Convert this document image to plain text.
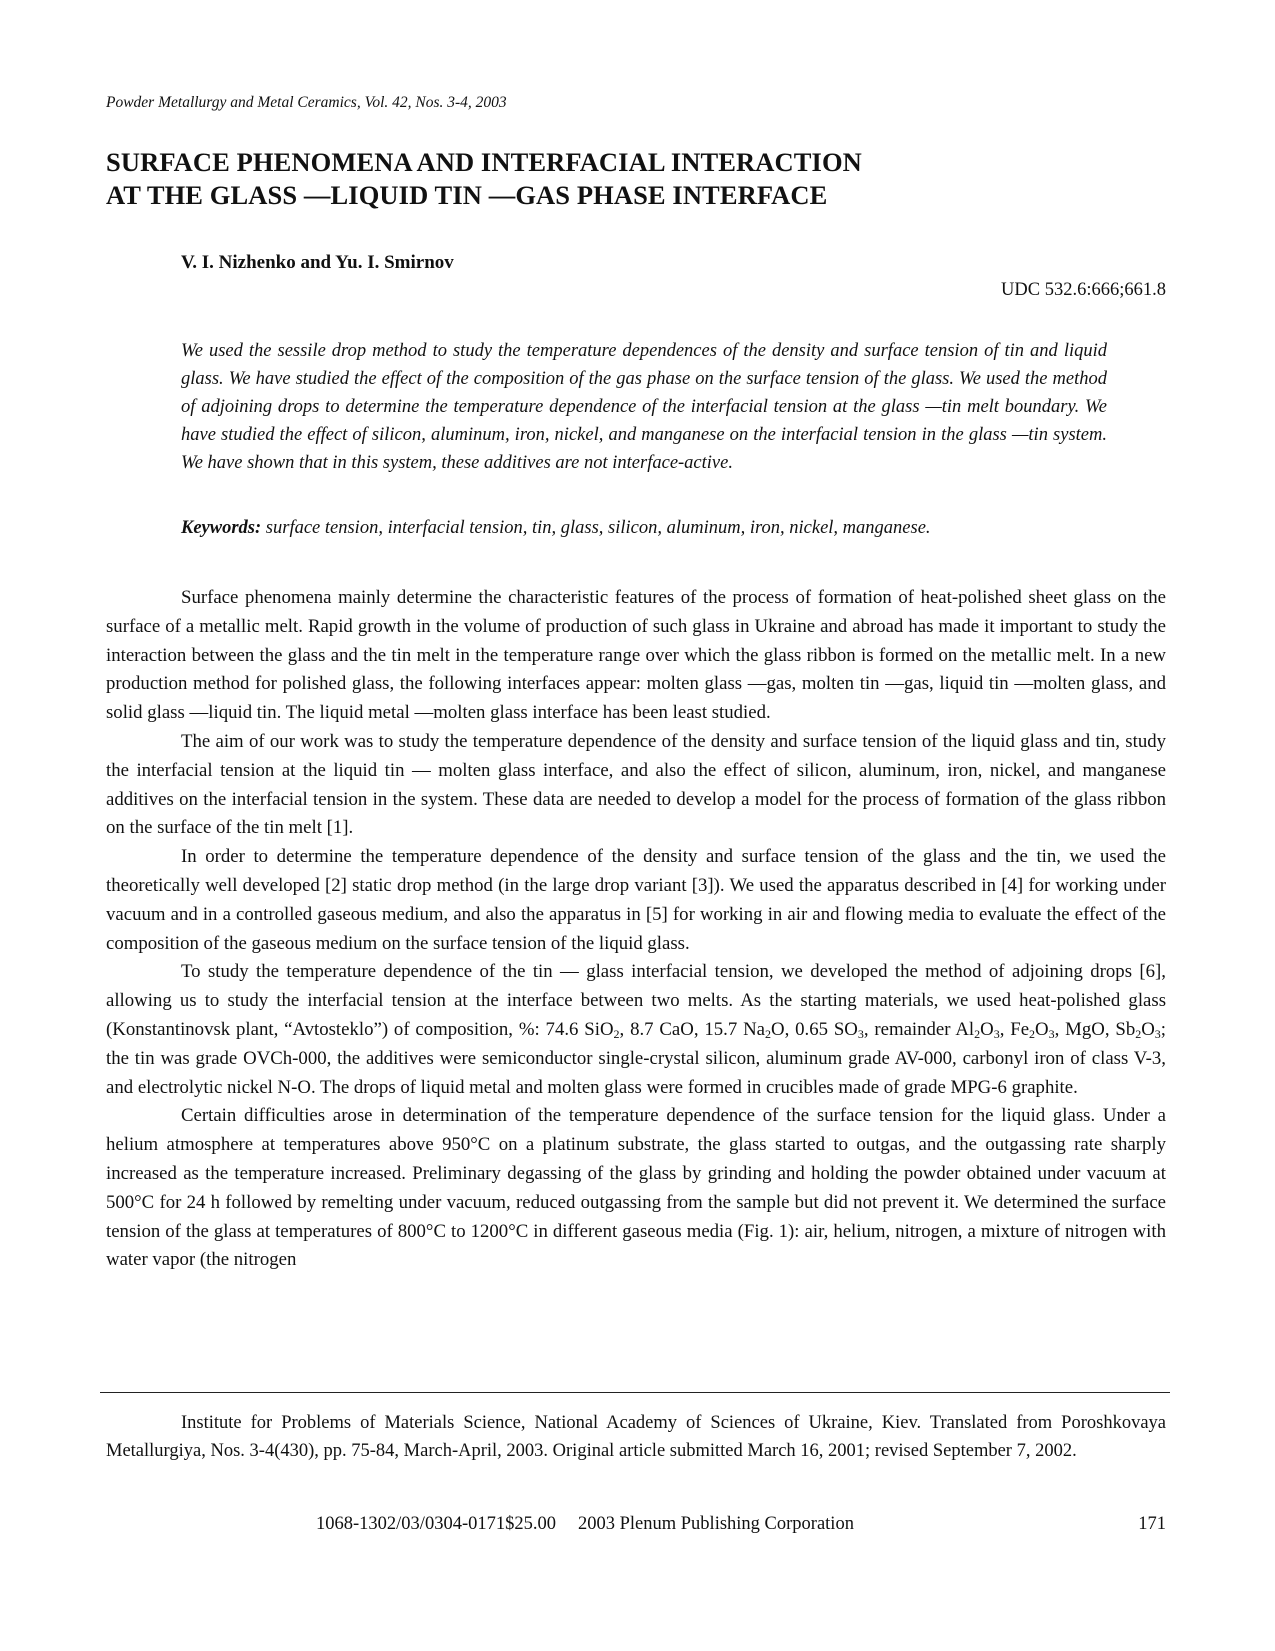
Powder Metallurgy and Metal Ceramics, Vol. 42, Nos. 3-4, 2003
SURFACE PHENOMENA AND INTERFACIAL INTERACTION
AT THE GLASS —LIQUID TIN —GAS PHASE INTERFACE
V. I. Nizhenko and Yu. I. Smirnov
UDC 532.6:666;661.8
We used the sessile drop method to study the temperature dependences of the density and surface tension of tin and liquid glass. We have studied the effect of the composition of the gas phase on the surface tension of the glass. We used the method of adjoining drops to determine the temperature dependence of the interfacial tension at the glass —tin melt boundary. We have studied the effect of silicon, aluminum, iron, nickel, and manganese on the interfacial tension in the glass —tin system. We have shown that in this system, these additives are not interface-active.
Keywords: surface tension, interfacial tension, tin, glass, silicon, aluminum, iron, nickel, manganese.

Surface phenomena mainly determine the characteristic features of the process of formation of heat-polished sheet glass on the surface of a metallic melt. Rapid growth in the volume of production of such glass in Ukraine and abroad has made it important to study the interaction between the glass and the tin melt in the temperature range over which the glass ribbon is formed on the metallic melt. In a new production method for polished glass, the following interfaces appear: molten glass —gas, molten tin —gas, liquid tin —molten glass, and solid glass —liquid tin. The liquid metal —molten glass interface has been least studied.

The aim of our work was to study the temperature dependence of the density and surface tension of the liquid glass and tin, study the interfacial tension at the liquid tin — molten glass interface, and also the effect of silicon, aluminum, iron, nickel, and manganese additives on the interfacial tension in the system. These data are needed to develop a model for the process of formation of the glass ribbon on the surface of the tin melt [1].

In order to determine the temperature dependence of the density and surface tension of the glass and the tin, we used the theoretically well developed [2] static drop method (in the large drop variant [3]). We used the apparatus described in [4] for working under vacuum and in a controlled gaseous medium, and also the apparatus in [5] for working in air and flowing media to evaluate the effect of the composition of the gaseous medium on the surface tension of the liquid glass.

To study the temperature dependence of the tin — glass interfacial tension, we developed the method of adjoining drops [6], allowing us to study the interfacial tension at the interface between two melts. As the starting materials, we used heat-polished glass (Konstantinovsk plant, “Avtosteklo”) of composition, %: 74.6 SiO$_2$, 8.7 CaO, 15.7 $Na_2O$, 0.65 $SO_3$, remainder $Al_2O_3$, $Fe_2O_3$, MgO, $Sb_2O_3$; the tin was grade OVCh-000, the additives were semiconductor single-crystal silicon, aluminum grade AV-000, carbonyl iron of class V-3, and electrolytic nickel N-O. The drops of liquid metal and molten glass were formed in crucibles made of grade MPG-6 graphite.

Certain difficulties arose in determination of the temperature dependence of the surface tension for the liquid glass. Under a helium atmosphere at temperatures above 950°C on a platinum substrate, the glass started to outgas, and the outgassing rate sharply increased as the temperature increased. Preliminary degassing of the glass by grinding and holding the powder obtained under vacuum at 500°C for 24 h followed by remelting under vacuum, reduced outgassing from the sample but did not prevent it. We determined the surface tension of the glass at temperatures of 800°C to 1200°C in different gaseous media (Fig. 1): air, helium, nitrogen, a mixture of nitrogen with water vapor (the nitrogen

Institute for Problems of Materials Science, National Academy of Sciences of Ukraine, Kiev. Translated from Poroshkovaya Metallurgiya, Nos. 3-4(430), pp. 75-84, March-April, 2003. Original article submitted March 16, 2001; revised September 7, 2002.
1068-1302/03/0304-0171$25.00 2003 Plenum Publishing Corporation	171
